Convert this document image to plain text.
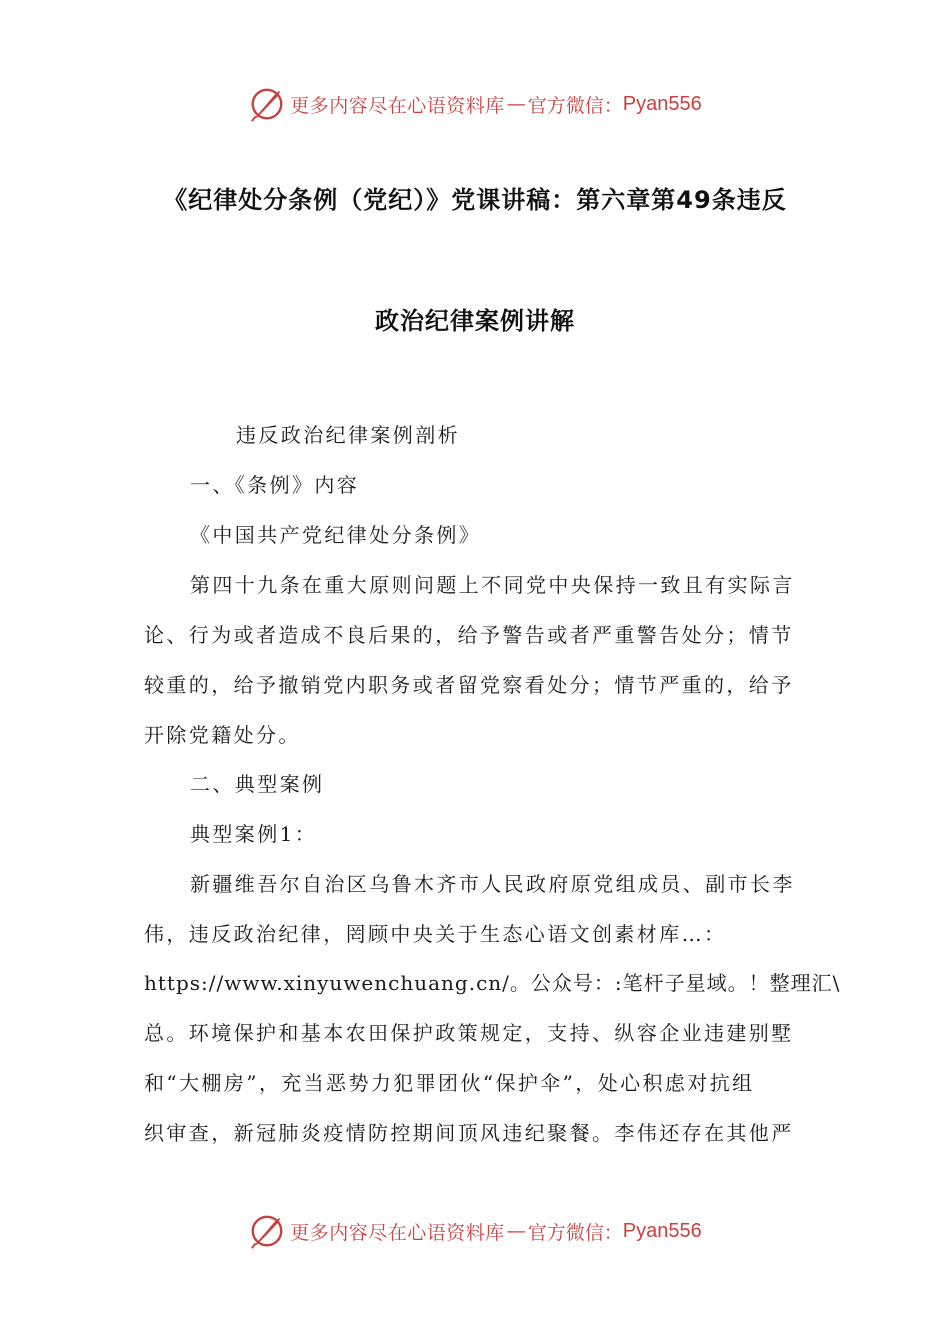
更多内容尽在心语资料库 — 官方微信： Pyan556
《纪律处分条例（党纪）》党课讲稿：第六章第49条违反
政治纪律案例讲解
违反政治纪律案例剖析
一、《条例》内容
《中国共产党纪律处分条例》
第四十九条在重大原则问题上不同党中央保持一致且有实际言
论、行为或者造成不良后果的，给予警告或者严重警告处分；情节
较重的，给予撤销党内职务或者留党察看处分；情节严重的，给予
开除党籍处分。
二、典型案例
典型案例1：
新疆维吾尔自治区乌鲁木齐市人民政府原党组成员、副市长李
伟，违反政治纪律，罔顾中央关于生态心语文创素材库…：
https://www.xinyuwenchuang.cn/。公众号：:笔杆子星域。！整理汇\
总。环境保护和基本农田保护政策规定，支持、纵容企业违建别墅
和“大棚房”，充当恶势力犯罪团伙“保护伞”，处心积虑对抗组
织审查，新冠肺炎疫情防控期间顶风违纪聚餐。李伟还存在其他严
更多内容尽在心语资料库 — 官方微信： Pyan556
